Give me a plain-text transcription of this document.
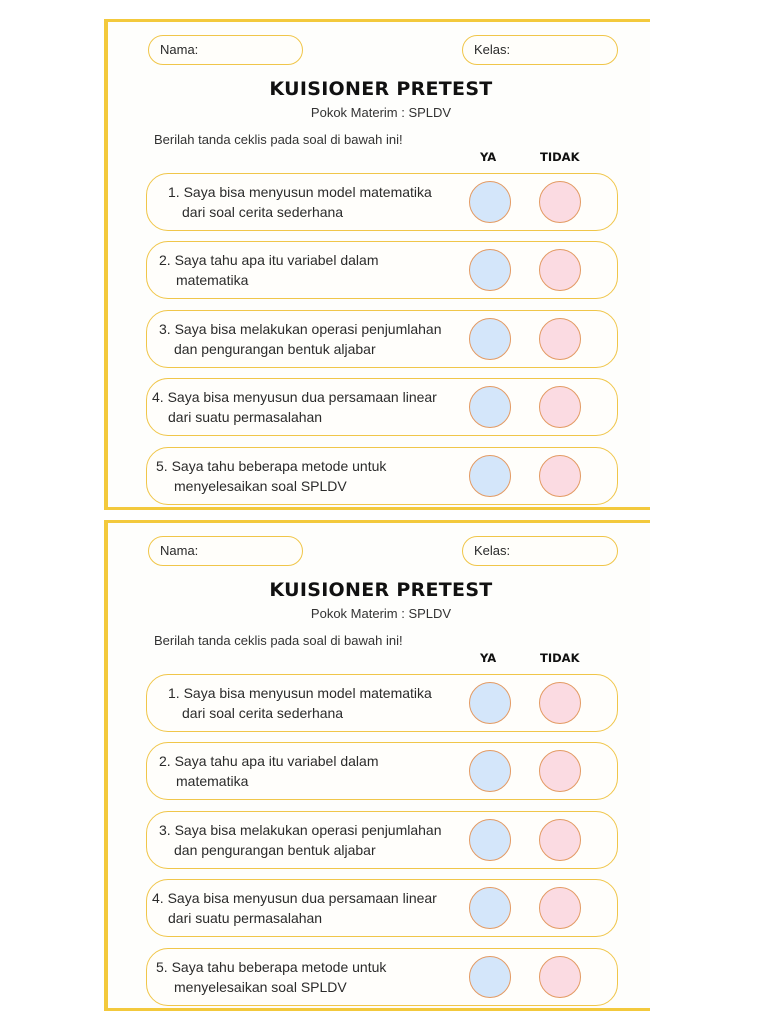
Nama:	Kelas:
KUISIONER PRETEST
Pokok Materim : SPLDV
Berilah tanda ceklis pada soal di bawah ini!
YA	TIDAK
1. Saya bisa menyusun model matematika
dari soal cerita sederhana
2. Saya tahu apa itu variabel dalam
matematika
3. Saya bisa melakukan operasi penjumlahan
dan pengurangan bentuk aljabar
4. Saya bisa menyusun dua persamaan linear
dari suatu permasalahan
5. Saya tahu beberapa metode untuk
menyelesaikan soal SPLDV
Nama:	Kelas:
KUISIONER PRETEST
Pokok Materim : SPLDV
Berilah tanda ceklis pada soal di bawah ini!
YA	TIDAK
1. Saya bisa menyusun model matematika
dari soal cerita sederhana
2. Saya tahu apa itu variabel dalam
matematika
3. Saya bisa melakukan operasi penjumlahan
dan pengurangan bentuk aljabar
4. Saya bisa menyusun dua persamaan linear
dari suatu permasalahan
5. Saya tahu beberapa metode untuk
menyelesaikan soal SPLDV
